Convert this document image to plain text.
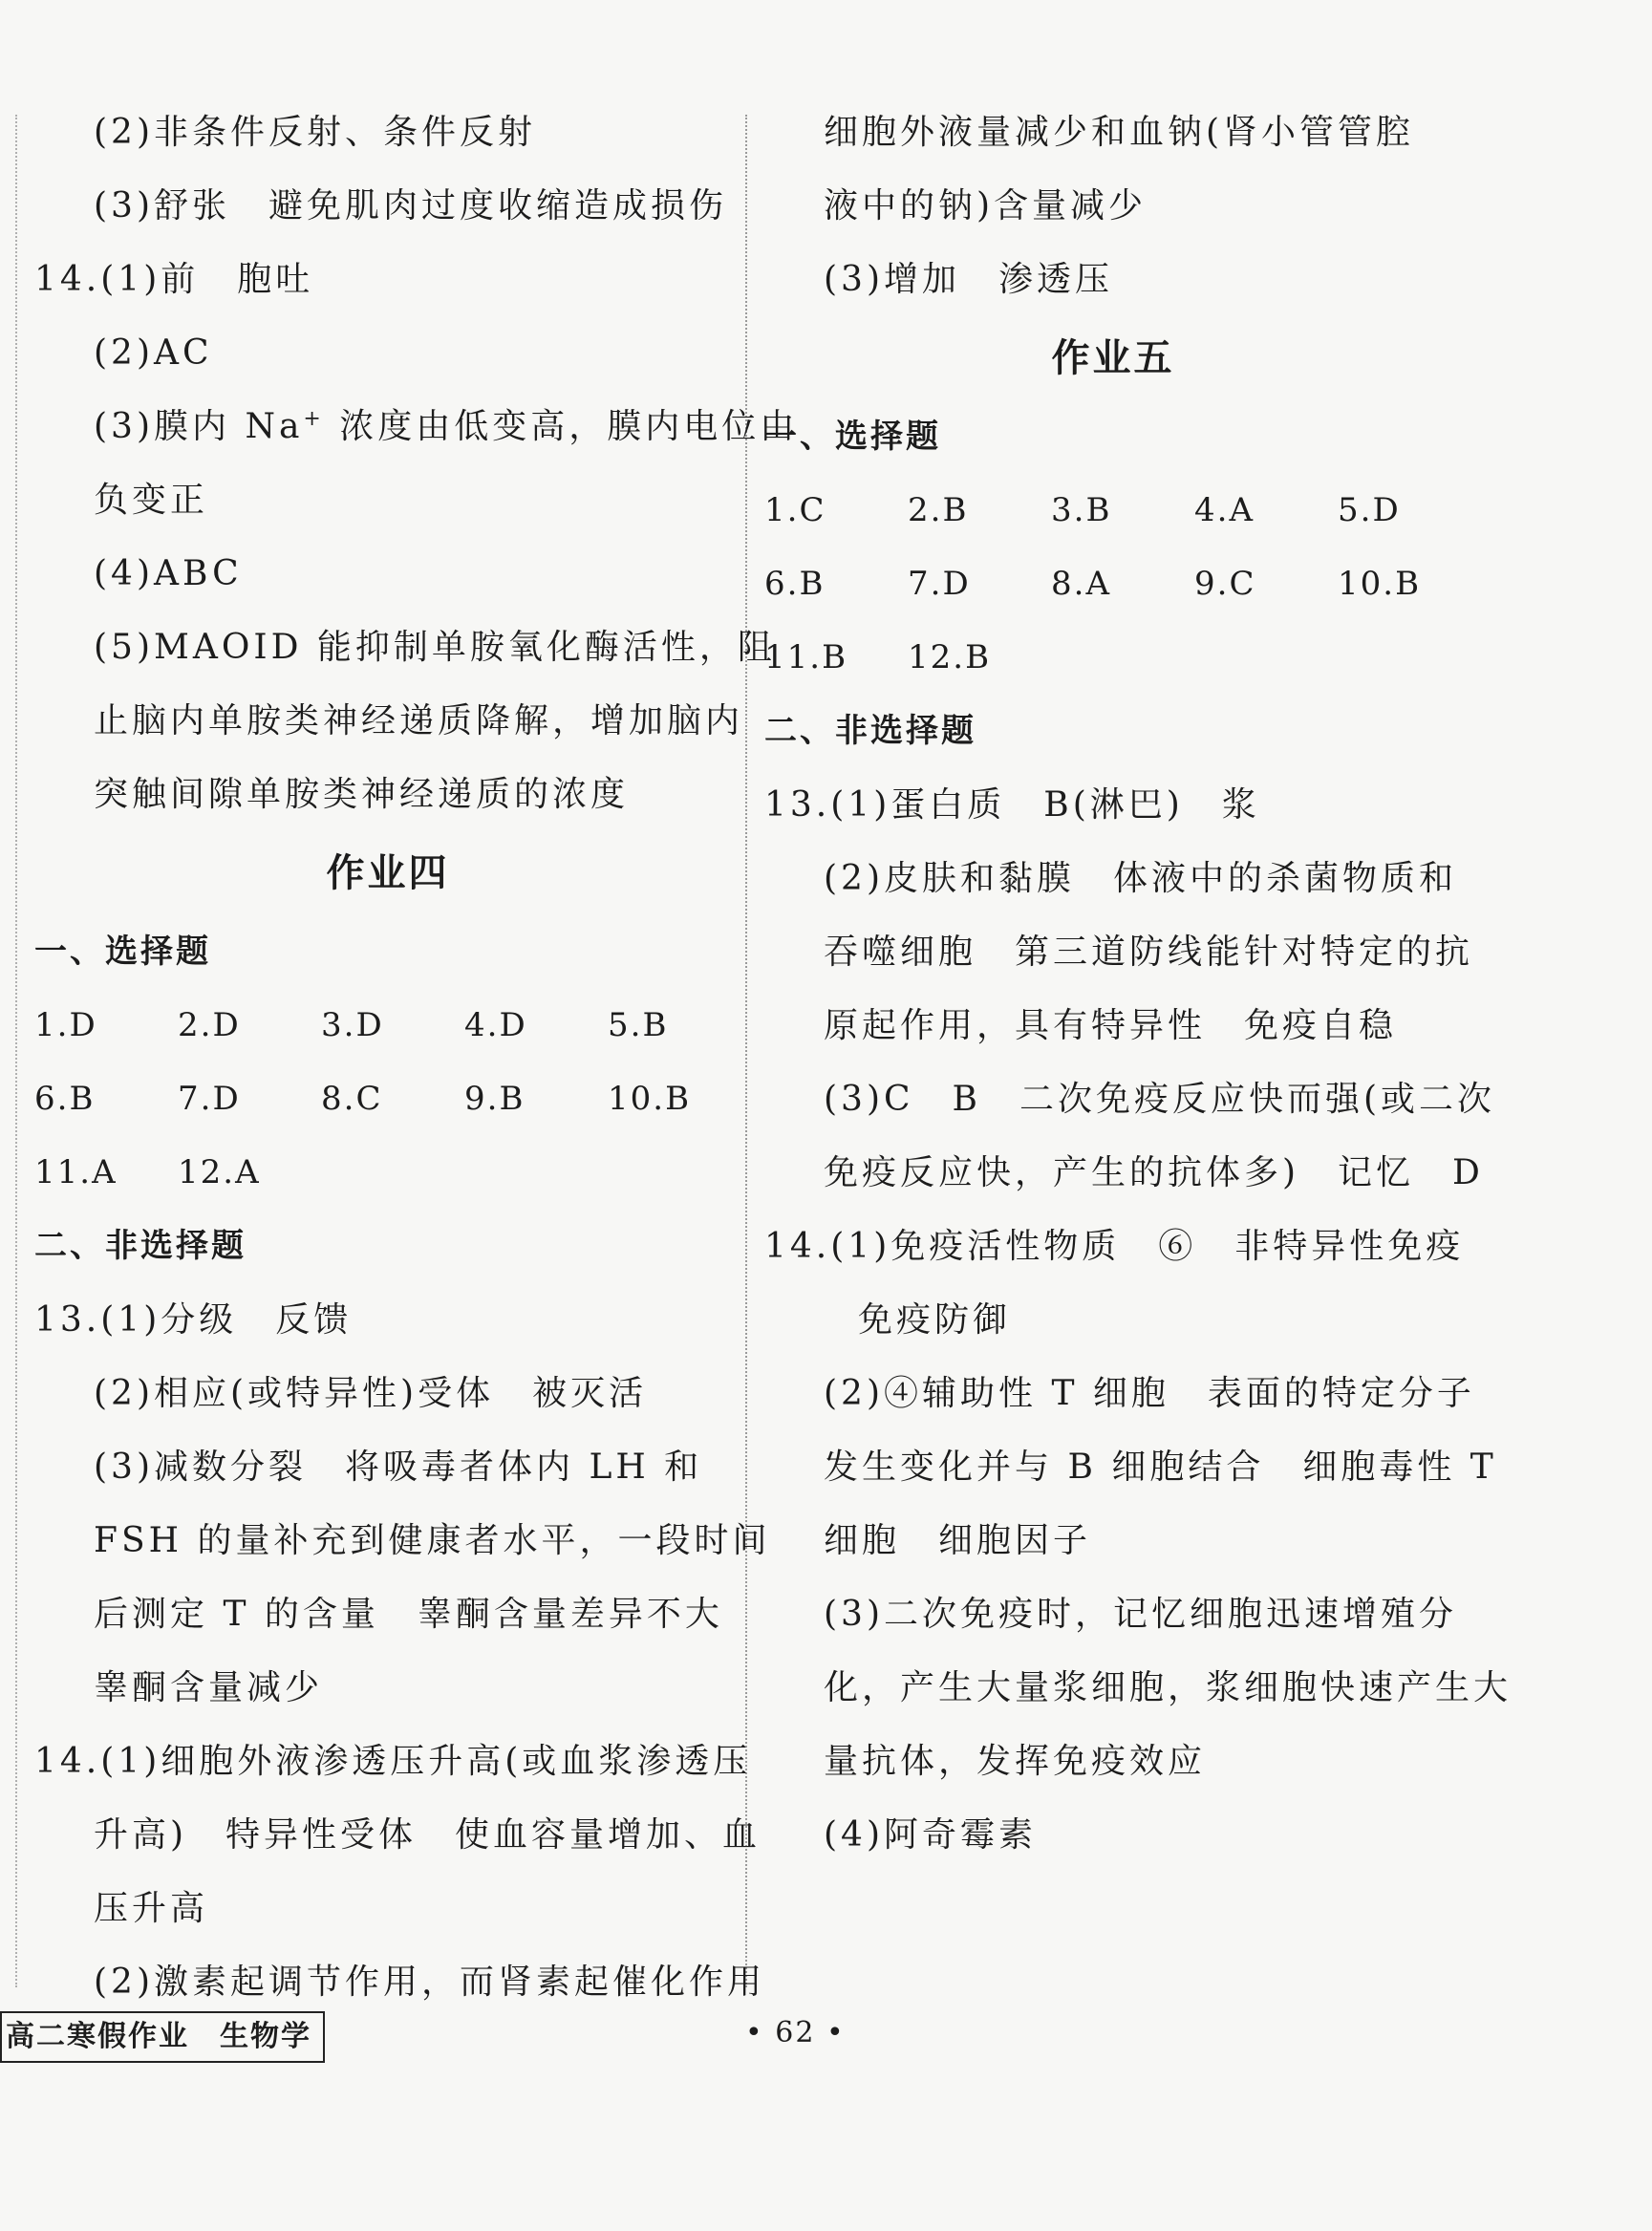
(2)非条件反射、条件反射
(3)舒张　避免肌肉过度收缩造成损伤
14.(1)前　胞吐
(2)AC
(3)膜内 Na+ 浓度由低变高，膜内电位由
负变正
(4)ABC
(5)MAOID 能抑制单胺氧化酶活性，阻
止脑内单胺类神经递质降解，增加脑内
突触间隙单胺类神经递质的浓度
作业四
一、选择题
1.D	2.D	3.D	4.D	5.B
6.B	7.D	8.C	9.B	10.B
11.A	12.A
二、非选择题
13.(1)分级　反馈
(2)相应(或特异性)受体　被灭活
(3)减数分裂　将吸毒者体内 LH 和
FSH 的量补充到健康者水平，一段时间
后测定 T 的含量　睾酮含量差异不大
睾酮含量减少
14.(1)细胞外液渗透压升高(或血浆渗透压
升高)　特异性受体　使血容量增加、血
压升高
(2)激素起调节作用，而肾素起催化作用
细胞外液量减少和血钠(肾小管管腔
液中的钠)含量减少
(3)增加　渗透压
作业五
一、选择题
1.C	2.B	3.B	4.A	5.D
6.B	7.D	8.A	9.C	10.B
11.B	12.B
二、非选择题
13.(1)蛋白质　B(淋巴)　浆
(2)皮肤和黏膜　体液中的杀菌物质和
吞噬细胞　第三道防线能针对特定的抗
原起作用，具有特异性　免疫自稳
(3)C　B　二次免疫反应快而强(或二次
免疫反应快，产生的抗体多)　记忆　D
14.(1)免疫活性物质　⑥　非特异性免疫
免疫防御
(2)④辅助性 T 细胞　表面的特定分子
发生变化并与 B 细胞结合　细胞毒性 T
细胞　细胞因子
(3)二次免疫时，记忆细胞迅速增殖分
化，产生大量浆细胞，浆细胞快速产生大
量抗体，发挥免疫效应
(4)阿奇霉素
高二寒假作业　生物学	• 62 •
